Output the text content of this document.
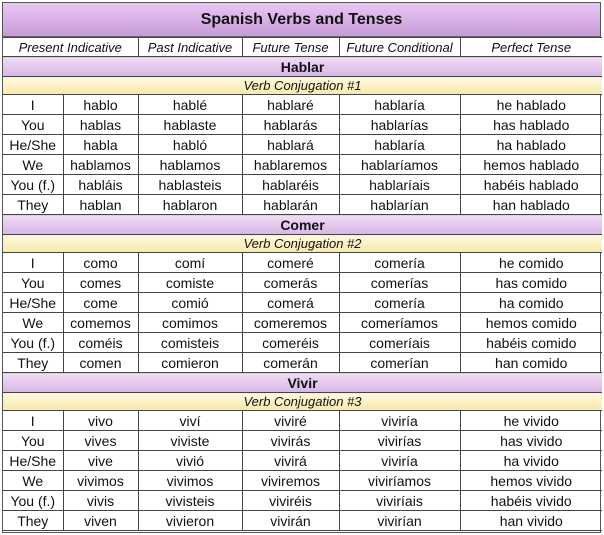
Spanish Verbs and Tenses
Present Indicative		Past Indicative	Future Tense	Future Conditional	Perfect Tense
Hablar					
Verb Conjugation #1					
I	hablo	hablé	hablaré	hablaría	he hablado
You	hablas	hablaste	hablarás	hablarías	has hablado
He/She	habla	habló	hablará	hablaría	ha hablado
We	hablamos	hablamos	hablaremos	hablaríamos	hemos hablado
You (f.)	habláis	hablasteis	hablaréis	hablaríais	habéis hablado
They	hablan	hablaron	hablarán	hablarían	han hablado
Comer					
Verb Conjugation #2					
I	como	comí	comeré	comería	he comido
You	comes	comiste	comerás	comerías	has comido
He/She	come	comió	comerá	comería	ha comido
We	comemos	comimos	comeremos	comeríamos	hemos comido
You (f.)	coméis	comisteis	comeréis	comeríais	habéis comido
They	comen	comieron	comerán	comerían	han comido
Vivir					
Verb Conjugation #3					
I	vivo	viví	viviré	viviría	he vivido
You	vives	viviste	vivirás	vivirías	has vivido
He/She	vive	vivió	vivirá	viviría	ha vivido
We	vivimos	vivimos	viviremos	viviríamos	hemos vivido
You (f.)	vivis	vivisteis	viviréis	viviríais	habéis vivido
They	viven	vivieron	vivirán	vivirían	han vivido
